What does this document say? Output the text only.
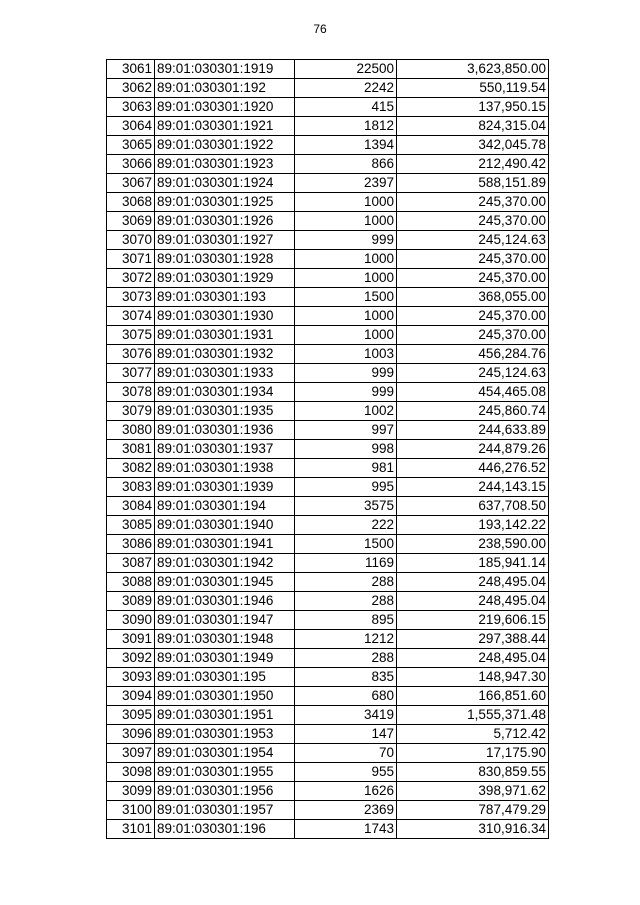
76
3061	89:01:030301:1919	22500	3,623,850.00
3062	89:01:030301:192	2242	550,119.54
3063	89:01:030301:1920	415	137,950.15
3064	89:01:030301:1921	1812	824,315.04
3065	89:01:030301:1922	1394	342,045.78
3066	89:01:030301:1923	866	212,490.42
3067	89:01:030301:1924	2397	588,151.89
3068	89:01:030301:1925	1000	245,370.00
3069	89:01:030301:1926	1000	245,370.00
3070	89:01:030301:1927	999	245,124.63
3071	89:01:030301:1928	1000	245,370.00
3072	89:01:030301:1929	1000	245,370.00
3073	89:01:030301:193	1500	368,055.00
3074	89:01:030301:1930	1000	245,370.00
3075	89:01:030301:1931	1000	245,370.00
3076	89:01:030301:1932	1003	456,284.76
3077	89:01:030301:1933	999	245,124.63
3078	89:01:030301:1934	999	454,465.08
3079	89:01:030301:1935	1002	245,860.74
3080	89:01:030301:1936	997	244,633.89
3081	89:01:030301:1937	998	244,879.26
3082	89:01:030301:1938	981	446,276.52
3083	89:01:030301:1939	995	244,143.15
3084	89:01:030301:194	3575	637,708.50
3085	89:01:030301:1940	222	193,142.22
3086	89:01:030301:1941	1500	238,590.00
3087	89:01:030301:1942	1169	185,941.14
3088	89:01:030301:1945	288	248,495.04
3089	89:01:030301:1946	288	248,495.04
3090	89:01:030301:1947	895	219,606.15
3091	89:01:030301:1948	1212	297,388.44
3092	89:01:030301:1949	288	248,495.04
3093	89:01:030301:195	835	148,947.30
3094	89:01:030301:1950	680	166,851.60
3095	89:01:030301:1951	3419	1,555,371.48
3096	89:01:030301:1953	147	5,712.42
3097	89:01:030301:1954	70	17,175.90
3098	89:01:030301:1955	955	830,859.55
3099	89:01:030301:1956	1626	398,971.62
3100	89:01:030301:1957	2369	787,479.29
3101	89:01:030301:196	1743	310,916.34
